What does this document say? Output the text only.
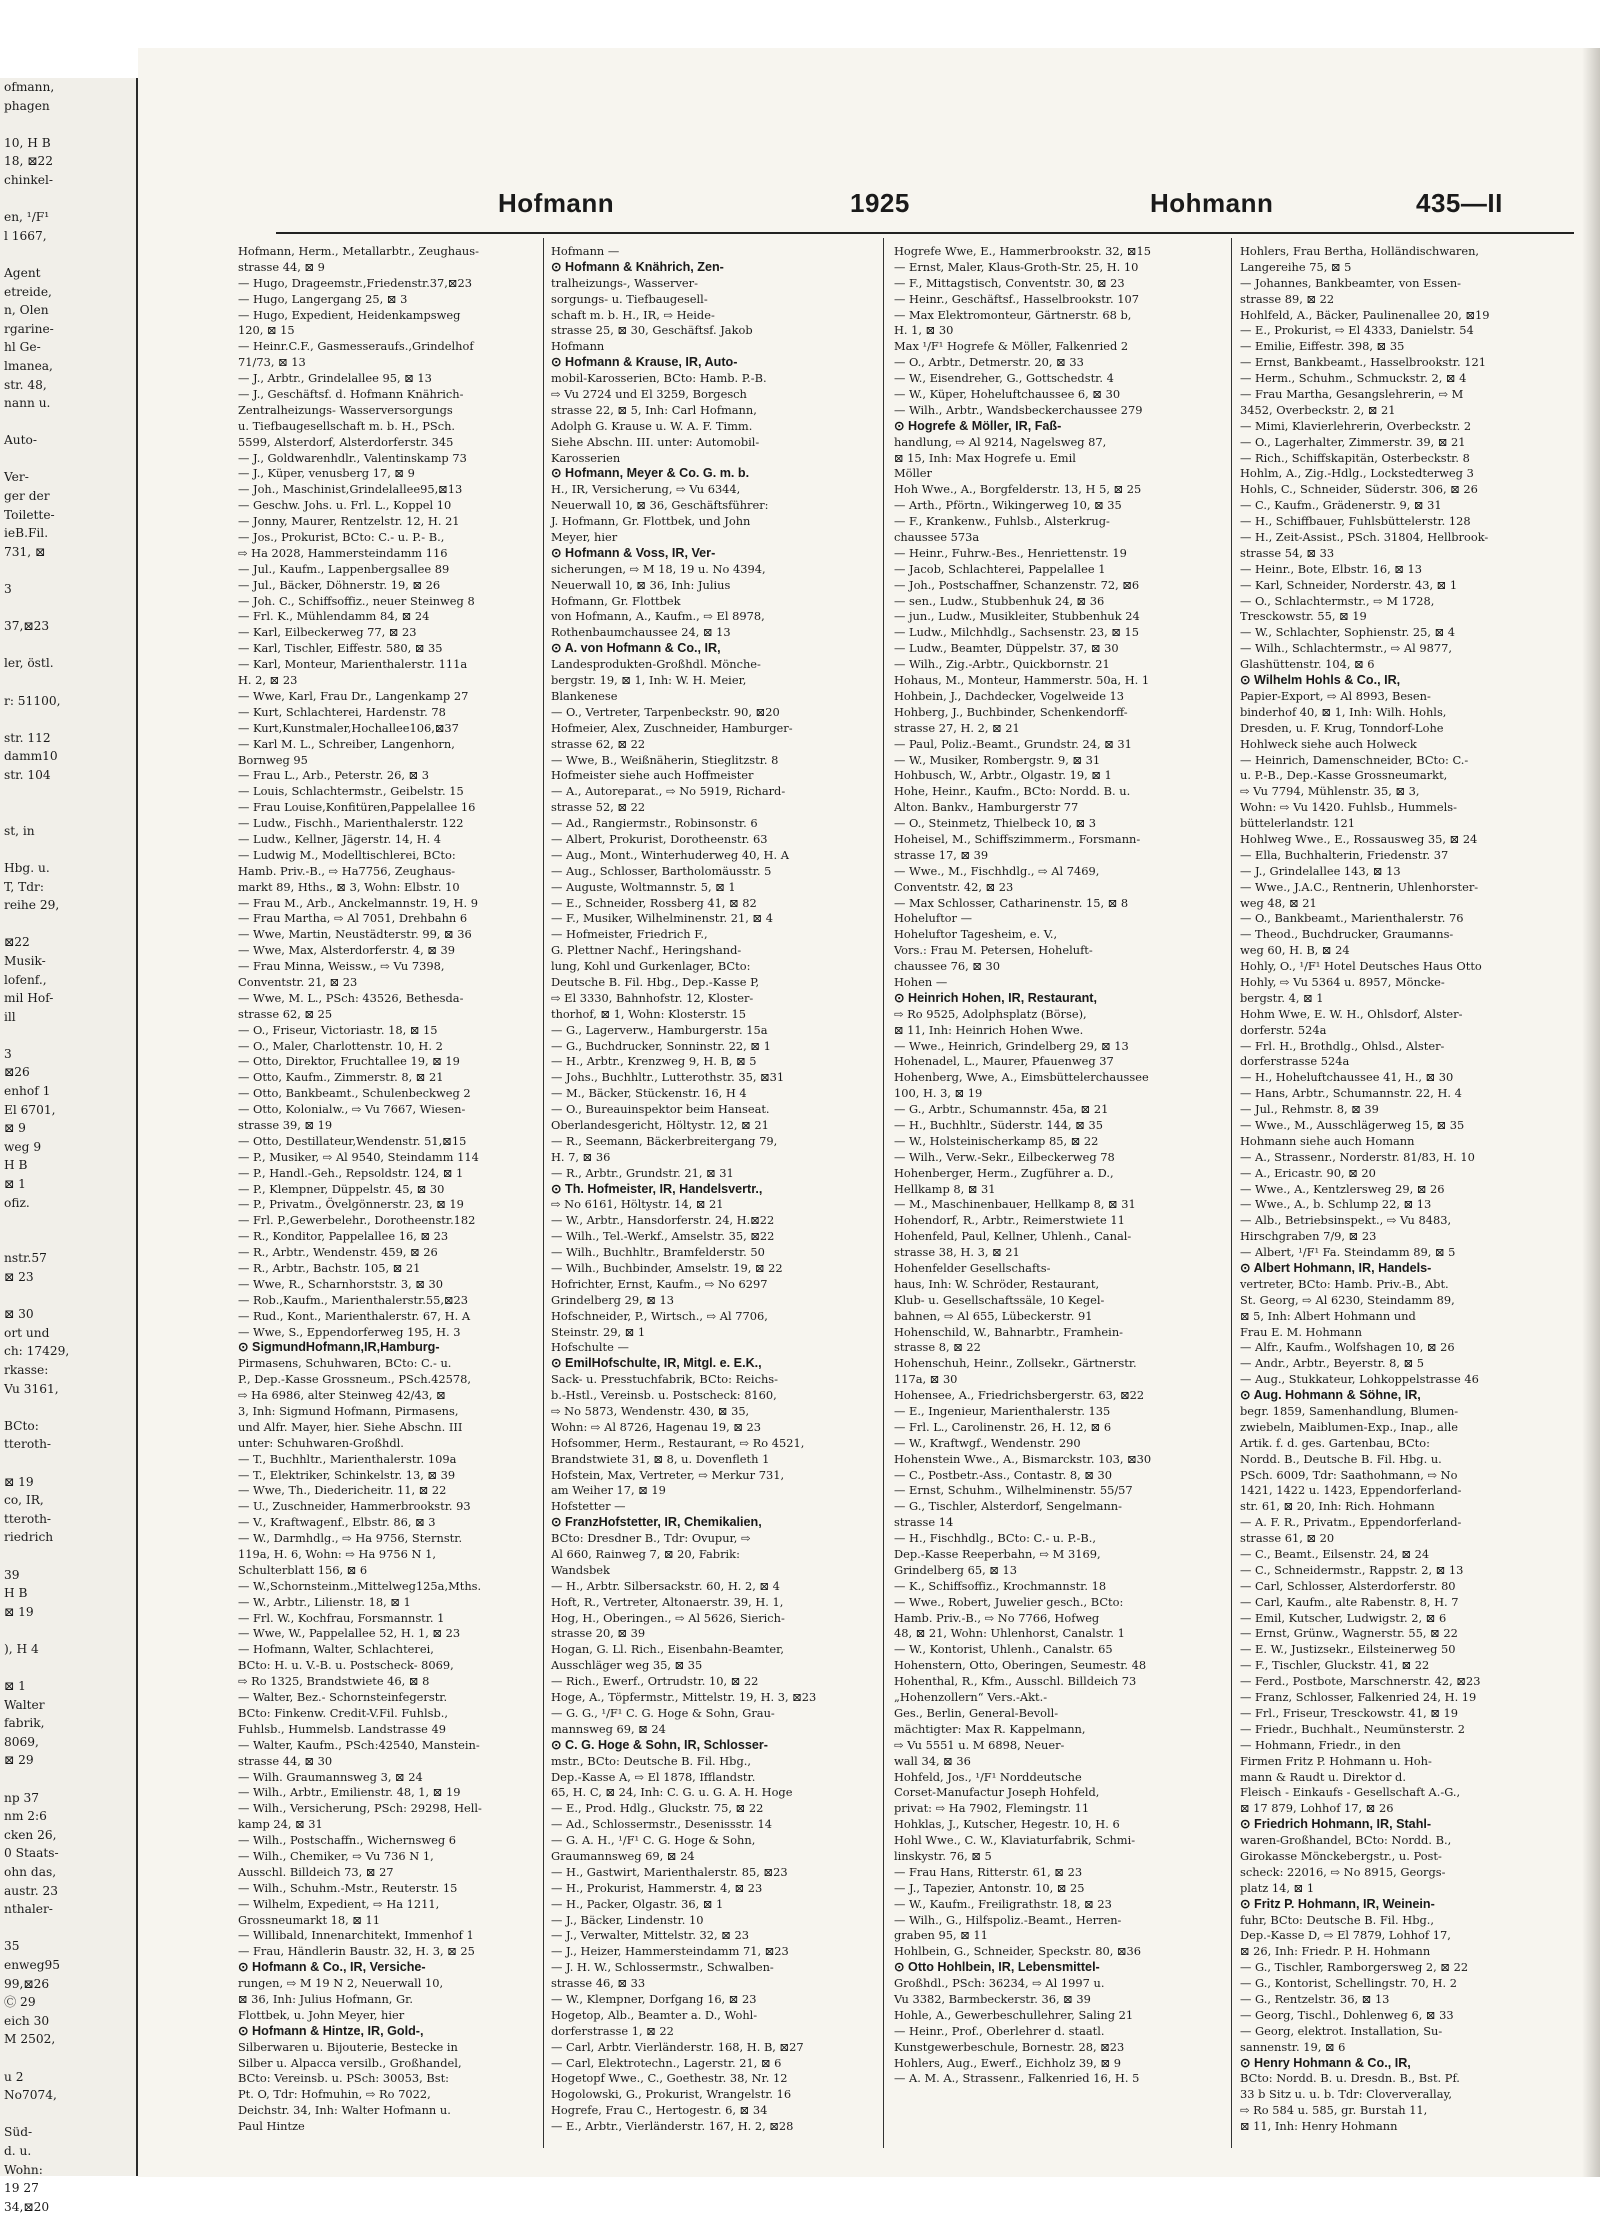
ofmann,
phagen
10, H B
18, ⊠22
chinkel-
en, ¹/F¹
l 1667,
Agent
etreide,
n, Olen
rgarine-
hl Ge-
lmanea,
str. 48,
nann u.
Auto-
Ver-
ger der
Toilette-
ieB.Fil.
731, ⊠
3
37,⊠23
ler, östl.
r: 51100,
str. 112
damm10
str. 104
st, in
Hbg. u.
T, Tdr:
reihe 29,
⊠22
Musik-
lofenf.,
mil Hof-
ill
3
⊠26
enhof 1
El 6701,
⊠ 9
weg 9
H B
⊠ 1
ofiz.
nstr.57
⊠ 23
⊠ 30
ort und
ch: 17429,
rkasse:
Vu 3161,
BCto:
tteroth-
⊠ 19
co, IR,
tteroth-
riedrich
39
H B
⊠ 19
), H 4
⊠ 1
Walter
fabrik,
8069,
⊠ 29
np 37
nm 2:6
cken 26,
0 Staats-
ohn das,
austr. 23
nthaler-
35
enweg95
99,⊠26
Ⓒ 29
eich 30
M 2502,
u 2
No7074,
Süd-
d. u.
Wohn:
19 27
34,⊠20
Hofmann	1925	Hohmann	435—II
Hofmann, Herm., Metallarbtr., Zeughaus-
strasse 44, ⊠ 9
— Hugo, Drageemstr.,Friedenstr.37,⊠23
— Hugo, Langergang 25, ⊠ 3
— Hugo, Expedient, Heidenkampsweg
120, ⊠ 15
— Heinr.C.F., Gasmesseraufs.,Grindelhof
71/73, ⊠ 13
— J., Arbtr., Grindelallee 95, ⊠ 13
— J., Geschäftsf. d. Hofmann Knährich-
Zentralheizungs- Wasserversorgungs
u. Tiefbaugesellschaft m. b. H., PSch.
5599, Alsterdorf, Alsterdorferstr. 345
— J., Goldwarenhdlr., Valentinskamp 73
— J., Küper, venusberg 17, ⊠ 9
— Joh., Maschinist,Grindelallee95,⊠13
— Geschw. Johs. u. Frl. L., Koppel 10
— Jonny, Maurer, Rentzelstr. 12, H. 21
— Jos., Prokurist, BCto: C.- u. P.- B.,
⇨ Ha 2028, Hammersteindamm 116
— Jul., Kaufm., Lappenbergsallee 89
— Jul., Bäcker, Döhnerstr. 19, ⊠ 26
— Joh. C., Schiffsoffiz., neuer Steinweg 8
— Frl. K., Mühlendamm 84, ⊠ 24
— Karl, Eilbeckerweg 77, ⊠ 23
— Karl, Tischler, Eiffestr. 580, ⊠ 35
— Karl, Monteur, Marienthalerstr. 111a
H. 2, ⊠ 23
— Wwe, Karl, Frau Dr., Langenkamp 27
— Kurt, Schlachterei, Hardenstr. 78
— Kurt,Kunstmaler,Hochallee106,⊠37
— Karl M. L., Schreiber, Langenhorn,
Bornweg 95
— Frau L., Arb., Peterstr. 26, ⊠ 3
— Louis, Schlachtermstr., Geibelstr. 15
— Frau Louise,Konfitüren,Pappelallee 16
— Ludw., Fischh., Marienthalerstr. 122
— Ludw., Kellner, Jägerstr. 14, H. 4
— Ludwig M., Modelltischlerei, BCto:
Hamb. Priv.-B., ⇨ Ha7756, Zeughaus-
markt 89, Hths., ⊠ 3, Wohn: Elbstr. 10
— Frau M., Arb., Anckelmannstr. 19, H. 9
— Frau Martha, ⇨ Al 7051, Drehbahn 6
— Wwe, Martin, Neustädterstr. 99, ⊠ 36
— Wwe, Max, Alsterdorferstr. 4, ⊠ 39
— Frau Minna, Weissw., ⇨ Vu 7398,
Conventstr. 21, ⊠ 23
— Wwe, M. L., PSch: 43526, Bethesda-
strasse 62, ⊠ 25
— O., Friseur, Victoriastr. 18, ⊠ 15
— O., Maler, Charlottenstr. 10, H. 2
— Otto, Direktor, Fruchtallee 19, ⊠ 19
— Otto, Kaufm., Zimmerstr. 8, ⊠ 21
— Otto, Bankbeamt., Schulenbeckweg 2
— Otto, Kolonialw., ⇨ Vu 7667, Wiesen-
strasse 39, ⊠ 19
— Otto, Destillateur,Wendenstr. 51,⊠15
— P., Musiker, ⇨ Al 9540, Steindamm 114
— P., Handl.-Geh., Repsoldstr. 124, ⊠ 1
— P., Klempner, Düppelstr. 45, ⊠ 30
— P., Privatm., Övelgönnerstr. 23, ⊠ 19
— Frl. P.,Gewerbelehr., Dorotheenstr.182
— R., Konditor, Pappelallee 16, ⊠ 23
— R., Arbtr., Wendenstr. 459, ⊠ 26
— R., Arbtr., Bachstr. 105, ⊠ 21
— Wwe, R., Scharnhorststr. 3, ⊠ 30
— Rob.,Kaufm., Marienthalerstr.55,⊠23
— Rud., Kont., Marienthalerstr. 67, H. A
— Wwe, S., Eppendorferweg 195, H. 3
⊙ SigmundHofmann,IR,Hamburg-
Pirmasens, Schuhwaren, BCto: C.- u.
P., Dep.-Kasse Grossneum., PSch.42578,
⇨ Ha 6986, alter Steinweg 42/43, ⊠
3, Inh: Sigmund Hofmann, Pirmasens,
und Alfr. Mayer, hier. Siehe Abschn. III
unter: Schuhwaren-Großhdl.
— T., Buchhltr., Marienthalerstr. 109a
— T., Elektriker, Schinkelstr. 13, ⊠ 39
— Wwe, Th., Diedericheitr. 11, ⊠ 22
— U., Zuschneider, Hammerbrookstr. 93
— V., Kraftwagenf., Elbstr. 86, ⊠ 3
— W., Darmhdlg., ⇨ Ha 9756, Sternstr.
119a, H. 6, Wohn: ⇨ Ha 9756 N 1,
Schulterblatt 156, ⊠ 6
— W.,Schornsteinm.,Mittelweg125a,Mths.
— W., Arbtr., Lilienstr. 18, ⊠ 1
— Frl. W., Kochfrau, Forsmannstr. 1
— Wwe, W., Pappelallee 52, H. 1, ⊠ 23
— Hofmann, Walter, Schlachterei,
BCto: H. u. V.-B. u. Postscheck- 8069,
⇨ Ro 1325, Brandstwiete 46, ⊠ 8
— Walter, Bez.- Schornsteinfegerstr.
BCto: Finkenw. Credit-V.Fil. Fuhlsb.,
Fuhlsb., Hummelsb. Landstrasse 49
— Walter, Kaufm., PSch:42540, Manstein-
strasse 44, ⊠ 30
— Wilh. Graumannsweg 3, ⊠ 24
— Wilh., Arbtr., Emilienstr. 48, 1, ⊠ 19
— Wilh., Versicherung, PSch: 29298, Hell-
kamp 24, ⊠ 31
— Wilh., Postschaffn., Wichernsweg 6
— Wilh., Chemiker, ⇨ Vu 736 N 1,
Ausschl. Billdeich 73, ⊠ 27
— Wilh., Schuhm.-Mstr., Reuterstr. 15
— Wilhelm, Expedient, ⇨ Ha 1211,
Grossneumarkt 18, ⊠ 11
— Willibald, Innenarchitekt, Immenhof 1
— Frau, Händlerin Baustr. 32, H. 3, ⊠ 25
⊙ Hofmann & Co., IR, Versiche-
rungen, ⇨ M 19 N 2, Neuerwall 10,
⊠ 36, Inh: Julius Hofmann, Gr.
Flottbek, u. John Meyer, hier
⊙ Hofmann & Hintze, IR, Gold-,
Silberwaren u. Bijouterie, Bestecke in
Silber u. Alpacca versilb., Großhandel,
BCto: Vereinsb. u. PSch: 30053, Bst:
Pt. O, Tdr: Hofmuhin, ⇨ Ro 7022,
Deichstr. 34, Inh: Walter Hofmann u.
Paul Hintze
Hofmann —
⊙ Hofmann & Knährich, Zen-
tralheizungs-, Wasserver-
sorgungs- u. Tiefbaugesell-
schaft m. b. H., IR, ⇨ Heide-
strasse 25, ⊠ 30, Geschäftsf. Jakob
Hofmann
⊙ Hofmann & Krause, IR, Auto-
mobil-Karosserien, BCto: Hamb. P.-B.
⇨ Vu 2724 und El 3259, Borgesch
strasse 22, ⊠ 5, Inh: Carl Hofmann,
Adolph G. Krause u. W. A. F. Timm.
Siehe Abschn. III. unter: Automobil-
Karosserien
⊙ Hofmann, Meyer & Co. G. m. b.
H., IR, Versicherung, ⇨ Vu 6344,
Neuerwall 10, ⊠ 36, Geschäftsführer:
J. Hofmann, Gr. Flottbek, und John
Meyer, hier
⊙ Hofmann & Voss, IR, Ver-
sicherungen, ⇨ M 18, 19 u. No 4394,
Neuerwall 10, ⊠ 36, Inh: Julius
Hofmann, Gr. Flottbek
von Hofmann, A., Kaufm., ⇨ El 8978,
Rothenbaumchaussee 24, ⊠ 13
⊙ A. von Hofmann & Co., IR,
Landesprodukten-Großhdl. Mönche-
bergstr. 19, ⊠ 1, Inh: W. H. Meier,
Blankenese
— O., Vertreter, Tarpenbeckstr. 90, ⊠20
Hofmeier, Alex, Zuschneider, Hamburger-
strasse 62, ⊠ 22
— Wwe, B., Weißnäherin, Stieglitzstr. 8
Hofmeister siehe auch Hoffmeister
— A., Autoreparat., ⇨ No 5919, Richard-
strasse 52, ⊠ 22
— Ad., Rangiermstr., Robinsonstr. 6
— Albert, Prokurist, Dorotheenstr. 63
— Aug., Mont., Winterhuderweg 40, H. A
— Aug., Schlosser, Bartholomäusstr. 5
— Auguste, Woltmannstr. 5, ⊠ 1
— E., Schneider, Rossberg 41, ⊠ 82
— F., Musiker, Wilhelminenstr. 21, ⊠ 4
— Hofmeister, Friedrich F.,
G. Plettner Nachf., Heringshand-
lung, Kohl und Gurkenlager, BCto:
Deutsche B. Fil. Hbg., Dep.-Kasse P,
⇨ El 3330, Bahnhofstr. 12, Kloster-
thorhof, ⊠ 1, Wohn: Klosterstr. 15
— G., Lagerverw., Hamburgerstr. 15a
— G., Buchdrucker, Sonninstr. 22, ⊠ 1
— H., Arbtr., Krenzweg 9, H. B, ⊠ 5
— Johs., Buchhltr., Lutterothstr. 35, ⊠31
— M., Bäcker, Stückenstr. 16, H 4
— O., Bureauinspektor beim Hanseat.
Oberlandesgericht, Höltystr. 12, ⊠ 21
— R., Seemann, Bäckerbreitergang 79,
H. 7, ⊠ 36
— R., Arbtr., Grundstr. 21, ⊠ 31
⊙ Th. Hofmeister, IR, Handelsvertr.,
⇨ No 6161, Höltystr. 14, ⊠ 21
— W., Arbtr., Hansdorferstr. 24, H.⊠22
— Wilh., Tel.-Werkf., Amselstr. 35, ⊠22
— Wilh., Buchhltr., Bramfelderstr. 50
— Wilh., Buchbinder, Amselstr. 19, ⊠ 22
Hofrichter, Ernst, Kaufm., ⇨ No 6297
Grindelberg 29, ⊠ 13
Hofschneider, P., Wirtsch., ⇨ Al 7706,
Steinstr. 29, ⊠ 1
Hofschulte —
⊙ EmilHofschulte, IR, Mitgl. e. E.K.,
Sack- u. Presstuchfabrik, BCto: Reichs-
b.-Hstl., Vereinsb. u. Postscheck: 8160,
⇨ No 5873, Wendenstr. 430, ⊠ 35,
Wohn: ⇨ Al 8726, Hagenau 19, ⊠ 23
Hofsommer, Herm., Restaurant, ⇨ Ro 4521,
Brandstwiete 31, ⊠ 8, u. Dovenfleth 1
Hofstein, Max, Vertreter, ⇨ Merkur 731,
am Weiher 17, ⊠ 19
Hofstetter —
⊙ FranzHofstetter, IR, Chemikalien,
BCto: Dresdner B., Tdr: Ovupur, ⇨
Al 660, Rainweg 7, ⊠ 20, Fabrik:
Wandsbek
— H., Arbtr. Silbersackstr. 60, H. 2, ⊠ 4
Hoft, R., Vertreter, Altonaerstr. 39, H. 1,
Hog, H., Oberingen., ⇨ Al 5626, Sierich-
strasse 20, ⊠ 39
Hogan, G. Ll. Rich., Eisenbahn-Beamter,
Ausschläger weg 35, ⊠ 35
— Rich., Ewerf., Ortrudstr. 10, ⊠ 22
Hoge, A., Töpfermstr., Mittelstr. 19, H. 3, ⊠23
— G. G., ¹/F¹ C. G. Hoge & Sohn, Grau-
mannsweg 69, ⊠ 24
⊙ C. G. Hoge & Sohn, IR, Schlosser-
mstr., BCto: Deutsche B. Fil. Hbg.,
Dep.-Kasse A, ⇨ El 1878, Ifflandstr.
65, H. C, ⊠ 24, Inh: C. G. u. G. A. H. Hoge
— E., Prod. Hdlg., Gluckstr. 75, ⊠ 22
— Ad., Schlossermstr., Desenissstr. 14
— G. A. H., ¹/F¹ C. G. Hoge & Sohn,
Graumannsweg 69, ⊠ 24
— H., Gastwirt, Marienthalerstr. 85, ⊠23
— H., Prokurist, Hammerstr. 4, ⊠ 23
— H., Packer, Olgastr. 36, ⊠ 1
— J., Bäcker, Lindenstr. 10
— J., Verwalter, Mittelstr. 32, ⊠ 23
— J., Heizer, Hammersteindamm 71, ⊠23
— J. H. W., Schlossermstr., Schwalben-
strasse 46, ⊠ 33
— W., Klempner, Dorfgang 16, ⊠ 23
Hogetop, Alb., Beamter a. D., Wohl-
dorferstrasse 1, ⊠ 22
— Carl, Arbtr. Vierländerstr. 168, H. B, ⊠27
— Carl, Elektrotechn., Lagerstr. 21, ⊠ 6
Hogetopf Wwe., C., Goethestr. 38, Nr. 12
Hogolowski, G., Prokurist, Wrangelstr. 16
Hogrefe, Frau C., Hertogestr. 6, ⊠ 34
— E., Arbtr., Vierländerstr. 167, H. 2, ⊠28
Hogrefe Wwe, E., Hammerbrookstr. 32, ⊠15
— Ernst, Maler, Klaus-Groth-Str. 25, H. 10
— F., Mittagstisch, Conventstr. 30, ⊠ 23
— Heinr., Geschäftsf., Hasselbrookstr. 107
— Max Elektromonteur, Gärtnerstr. 68 b,
H. 1, ⊠ 30
Max ¹/F¹ Hogrefe & Möller, Falkenried 2
— O., Arbtr., Detmerstr. 20, ⊠ 33
— W., Eisendreher, G., Gottschedstr. 4
— W., Küper, Hoheluftchaussee 6, ⊠ 30
— Wilh., Arbtr., Wandsbeckerchaussee 279
⊙ Hogrefe & Möller, IR, Faß-
handlung, ⇨ Al 9214, Nagelsweg 87,
⊠ 15, Inh: Max Hogrefe u. Emil
Möller
Hoh Wwe., A., Borgfelderstr. 13, H 5, ⊠ 25
— Arth., Pförtn., Wikingerweg 10, ⊠ 35
— F., Krankenw., Fuhlsb., Alsterkrug-
chaussee 573a
— Heinr., Fuhrw.-Bes., Henriettenstr. 19
— Jacob, Schlachterei, Pappelallee 1
— Joh., Postschaffner, Schanzenstr. 72, ⊠6
— sen., Ludw., Stubbenhuk 24, ⊠ 36
— jun., Ludw., Musikleiter, Stubbenhuk 24
— Ludw., Milchhdlg., Sachsenstr. 23, ⊠ 15
— Ludw., Beamter, Düppelstr. 37, ⊠ 30
— Wilh., Zig.-Arbtr., Quickbornstr. 21
Hohaus, M., Monteur, Hammerstr. 50a, H. 1
Hohbein, J., Dachdecker, Vogelweide 13
Hohberg, J., Buchbinder, Schenkendorff-
strasse 27, H. 2, ⊠ 21
— Paul, Poliz.-Beamt., Grundstr. 24, ⊠ 31
— W., Musiker, Rombergstr. 9, ⊠ 31
Hohbusch, W., Arbtr., Olgastr. 19, ⊠ 1
Hohe, Heinr., Kaufm., BCto: Nordd. B. u.
Alton. Bankv., Hamburgerstr 77
— O., Steinmetz, Thielbeck 10, ⊠ 3
Hoheisel, M., Schiffszimmerm., Forsmann-
strasse 17, ⊠ 39
— Wwe., M., Fischhdlg., ⇨ Al 7469,
Conventstr. 42, ⊠ 23
— Max Schlosser, Catharinenstr. 15, ⊠ 8
Hoheluftor —
Hoheluftor Tagesheim, e. V.,
Vors.: Frau M. Petersen, Hoheluft-
chaussee 76, ⊠ 30
Hohen —
⊙ Heinrich Hohen, IR, Restaurant,
⇨ Ro 9525, Adolphsplatz (Börse),
⊠ 11, Inh: Heinrich Hohen Wwe.
— Wwe., Heinrich, Grindelberg 29, ⊠ 13
Hohenadel, L., Maurer, Pfauenweg 37
Hohenberg, Wwe, A., Eimsbüttelerchaussee
100, H. 3, ⊠ 19
— G., Arbtr., Schumannstr. 45a, ⊠ 21
— H., Buchhltr., Süderstr. 144, ⊠ 35
— W., Holsteinischerkamp 85, ⊠ 22
— Wilh., Verw.-Sekr., Eilbeckerweg 78
Hohenberger, Herm., Zugführer a. D.,
Hellkamp 8, ⊠ 31
— M., Maschinenbauer, Hellkamp 8, ⊠ 31
Hohendorf, R., Arbtr., Reimerstwiete 11
Hohenfeld, Paul, Kellner, Uhlenh., Canal-
strasse 38, H. 3, ⊠ 21
Hohenfelder Gesellschafts-
haus, Inh: W. Schröder, Restaurant,
Klub- u. Gesellschaftssäle, 10 Kegel-
bahnen, ⇨ Al 655, Lübeckerstr. 91
Hohenschild, W., Bahnarbtr., Framhein-
strasse 8, ⊠ 22
Hohenschuh, Heinr., Zollsekr., Gärtnerstr.
117a, ⊠ 30
Hohensee, A., Friedrichsbergerstr. 63, ⊠22
— E., Ingenieur, Marienthalerstr. 135
— Frl. L., Carolinenstr. 26, H. 12, ⊠ 6
— W., Kraftwgf., Wendenstr. 290
Hohenstein Wwe., A., Bismarckstr. 103, ⊠30
— C., Postbetr.-Ass., Contastr. 8, ⊠ 30
— Ernst, Schuhm., Wilhelminenstr. 55/57
— G., Tischler, Alsterdorf, Sengelmann-
strasse 14
— H., Fischhdlg., BCto: C.- u. P.-B.,
Dep.-Kasse Reeperbahn, ⇨ M 3169,
Grindelberg 65, ⊠ 13
— K., Schiffsoffiz., Krochmannstr. 18
— Wwe., Robert, Juwelier gesch., BCto:
Hamb. Priv.-B., ⇨ No 7766, Hofweg
48, ⊠ 21, Wohn: Uhlenhorst, Canalstr. 1
— W., Kontorist, Uhlenh., Canalstr. 65
Hohenstern, Otto, Oberingen, Seumestr. 48
Hohenthal, R., Kfm., Ausschl. Billdeich 73
„Hohenzollern“ Vers.-Akt.-
Ges., Berlin, General-Bevoll-
mächtigter: Max R. Kappelmann,
⇨ Vu 5551 u. M 6898, Neuer-
wall 34, ⊠ 36
Hohfeld, Jos., ¹/F¹ Norddeutsche
Corset-Manufactur Joseph Hohfeld,
privat: ⇨ Ha 7902, Flemingstr. 11
Hohklas, J., Kutscher, Hegestr. 10, H. 6
Hohl Wwe., C. W., Klaviaturfabrik, Schmi-
linskystr. 76, ⊠ 5
— Frau Hans, Ritterstr. 61, ⊠ 23
— J., Tapezier, Antonstr. 10, ⊠ 25
— W., Kaufm., Freiligrathstr. 18, ⊠ 23
— Wilh., G., Hilfspoliz.-Beamt., Herren-
graben 95, ⊠ 11
Hohlbein, G., Schneider, Speckstr. 80, ⊠36
⊙ Otto Hohlbein, IR, Lebensmittel-
Großhdl., PSch: 36234, ⇨ Al 1997 u.
Vu 3382, Barmbeckerstr. 36, ⊠ 39
Hohle, A., Gewerbeschullehrer, Saling 21
— Heinr., Prof., Oberlehrer d. staatl.
Kunstgewerbeschule, Bornestr. 28, ⊠23
Hohlers, Aug., Ewerf., Eichholz 39, ⊠ 9
— A. M. A., Strassenr., Falkenried 16, H. 5
Hohlers, Frau Bertha, Holländischwaren,
Langereihe 75, ⊠ 5
— Johannes, Bankbeamter, von Essen-
strasse 89, ⊠ 22
Hohlfeld, A., Bäcker, Paulinenallee 20, ⊠19
— E., Prokurist, ⇨ El 4333, Danielstr. 54
— Emilie, Eiffestr. 398, ⊠ 35
— Ernst, Bankbeamt., Hasselbrookstr. 121
— Herm., Schuhm., Schmuckstr. 2, ⊠ 4
— Frau Martha, Gesangslehrerin, ⇨ M
3452, Overbeckstr. 2, ⊠ 21
— Mimi, Klavierlehrerin, Overbeckstr. 2
— O., Lagerhalter, Zimmerstr. 39, ⊠ 21
— Rich., Schiffskapitän, Osterbeckstr. 8
Hohlm, A., Zig.-Hdlg., Lockstedterweg 3
Hohls, C., Schneider, Süderstr. 306, ⊠ 26
— C., Kaufm., Grädenerstr. 9, ⊠ 31
— H., Schiffbauer, Fuhlsbüttelerstr. 128
— H., Zeit-Assist., PSch. 31804, Hellbrook-
strasse 54, ⊠ 33
— Heinr., Bote, Elbstr. 16, ⊠ 13
— Karl, Schneider, Norderstr. 43, ⊠ 1
— O., Schlachtermstr., ⇨ M 1728,
Tresckowstr. 55, ⊠ 19
— W., Schlachter, Sophienstr. 25, ⊠ 4
— Wilh., Schlachtermstr., ⇨ Al 9877,
Glashüttenstr. 104, ⊠ 6
⊙ Wilhelm Hohls & Co., IR,
Papier-Export, ⇨ Al 8993, Besen-
binderhof 40, ⊠ 1, Inh: Wilh. Hohls,
Dresden, u. F. Krug, Tonndorf-Lohe
Hohlweck siehe auch Holweck
— Heinrich, Damenschneider, BCto: C.-
u. P.-B., Dep.-Kasse Grossneumarkt,
⇨ Vu 7794, Mühlenstr. 35, ⊠ 3,
Wohn: ⇨ Vu 1420. Fuhlsb., Hummels-
büttelerlandstr. 121
Hohlweg Wwe., E., Rossausweg 35, ⊠ 24
— Ella, Buchhalterin, Friedenstr. 37
— J., Grindelallee 143, ⊠ 13
— Wwe., J.A.C., Rentnerin, Uhlenhorster-
weg 48, ⊠ 21
— O., Bankbeamt., Marienthalerstr. 76
— Theod., Buchdrucker, Graumanns-
weg 60, H. B, ⊠ 24
Hohly, O., ¹/F¹ Hotel Deutsches Haus Otto
Hohly, ⇨ Vu 5364 u. 8957, Mönckе-
bergstr. 4, ⊠ 1
Hohm Wwe, E. W. H., Ohlsdorf, Alster-
dorferstr. 524a
— Frl. H., Brothdlg., Ohlsd., Alster-
dorferstrasse 524a
— H., Hoheluftchaussee 41, H., ⊠ 30
— Hans, Arbtr., Schumannstr. 22, H. 4
— Jul., Rehmstr. 8, ⊠ 39
— Wwe., M., Ausschlägerweg 15, ⊠ 35
Hohmann siehe auch Homann
— A., Strassenr., Norderstr. 81/83, H. 10
— A., Ericastr. 90, ⊠ 20
— Wwe., A., Kentzlersweg 29, ⊠ 26
— Wwe., A., b. Schlump 22, ⊠ 13
— Alb., Betriebsinspekt., ⇨ Vu 8483,
Hirschgraben 7/9, ⊠ 23
— Albert, ¹/F¹ Fa. Steindamm 89, ⊠ 5
⊙ Albert Hohmann, IR, Handels-
vertreter, BCto: Hamb. Priv.-B., Abt.
St. Georg, ⇨ Al 6230, Steindamm 89,
⊠ 5, Inh: Albert Hohmann und
Frau E. M. Hohmann
— Alfr., Kaufm., Wolfshagen 10, ⊠ 26
— Andr., Arbtr., Beyerstr. 8, ⊠ 5
— Aug., Stukkateur, Lohkoppelstrasse 46
⊙ Aug. Hohmann & Söhne, IR,
begr. 1859, Samenhandlung, Blumen-
zwiebeln, Maiblumen-Exp., Inap., alle
Artik. f. d. ges. Gartenbau, BCto:
Nordd. B., Deutsche B. Fil. Hbg. u.
PSch. 6009, Tdr: Saathohmann, ⇨ No
1421, 1422 u. 1423, Eppendorferland-
str. 61, ⊠ 20, Inh: Rich. Hohmann
— A. F. R., Privatm., Eppendorferland-
strasse 61, ⊠ 20
— C., Beamt., Eilsenstr. 24, ⊠ 24
— C., Schneidermstr., Rappstr. 2, ⊠ 13
— Carl, Schlosser, Alsterdorferstr. 80
— Carl, Kaufm., alte Rabenstr. 8, H. 7
— Emil, Kutscher, Ludwigstr. 2, ⊠ 6
— Ernst, Grünw., Wagnerstr. 55, ⊠ 22
— E. W., Justizsekr., Eilsteinerweg 50
— F., Tischler, Gluckstr. 41, ⊠ 22
— Ferd., Postbote, Marschnerstr. 42, ⊠23
— Franz, Schlosser, Falkenried 24, H. 19
— Frl., Friseur, Tresckowstr. 41, ⊠ 19
— Friedr., Buchhalt., Neumünsterstr. 2
— Hohmann, Friedr., in den
Firmen Fritz P. Hohmann u. Hoh-
mann & Raudt u. Direktor d.
Fleisch - Einkaufs - Gesellschaft A.-G.,
⊠ 17 879, Lohhof 17, ⊠ 26
⊙ Friedrich Hohmann, IR, Stahl-
waren-Großhandel, BCto: Nordd. B.,
Girokasse Mönckebergstr., u. Post-
scheck: 22016, ⇨ No 8915, Georgs-
platz 14, ⊠ 1
⊙ Fritz P. Hohmann, IR, Weinein-
fuhr, BCto: Deutsche B. Fil. Hbg.,
Dep.-Kasse D, ⇨ El 7879, Lohhof 17,
⊠ 26, Inh: Friedr. P. H. Hohmann
— G., Tischler, Ramborgersweg 2, ⊠ 22
— G., Kontorist, Schellingstr. 70, H. 2
— G., Rentzelstr. 36, ⊠ 13
— Georg, Tischl., Dohlenweg 6, ⊠ 33
— Georg, elektrot. Installation, Su-
sannenstr. 19, ⊠ 6
⊙ Henry Hohmann & Co., IR,
BCto: Nordd. B. u. Dresdn. B., Bst. Pf.
33 b Sitz u. u. b. Tdr: Cloververallay,
⇨ Ro 584 u. 585, gr. Burstah 11,
⊠ 11, Inh: Henry Hohmann
